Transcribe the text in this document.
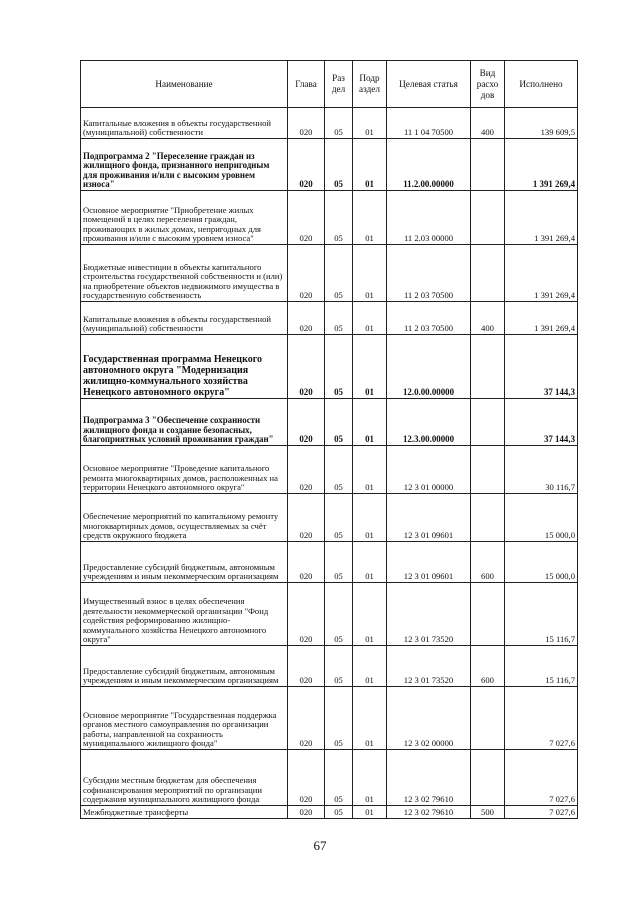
Наименование	Глава	Раз дел	Подр аздел	Целевая статья	Вид расхо дов	Исполнено
Капитальные вложения в объекты государственной (муниципальной) собственности	020	05	01	11 1 04 70500	400	139 609,5
Подпрограмма 2 "Переселение граждан из жилищного фонда, признанного непригодным для проживания и/или с высоким уровнем износа"	020	05	01	11.2.00.00000		1 391 269,4
Основное мероприятие "Приобретение жилых помещений в целях переселения граждан, проживающих в жилых домах, непригодных для проживания и/или с высоким уровнем износа"	020	05	01	11 2.03 00000		1 391 269,4
Бюджетные инвестиции в объекты капитального строительства государственной собственности и (или) на приобретение объектов недвижимого имущества в государственную собственность	020	05	01	11 2 03 70500		1 391 269,4
Капитальные вложения в объекты государственной (муниципальной) собственности	020	05	01	11 2 03 70500	400	1 391 269,4
Государственная программа Ненецкого автономного округа "Модернизация жилищно-коммунального хозяйства Ненецкого автономного округа"	020	05	01	12.0.00.00000		37 144,3
Подпрограмма 3 "Обеспечение сохранности жилищного фонда и создание безопасных, благоприятных условий проживания граждан"	020	05	01	12.3.00.00000		37 144,3
Основное мероприятие "Проведение капитального ремонта многоквартирных домов, расположенных на территории Ненецкого автономного округа"	020	05	01	12 3 01 00000		30 116,7
Обеспечение мероприятий по капитальному ремонту многоквартирных домов, осуществляемых за счёт средств окружного бюджета	020	05	01	12 3 01 09601		15 000,0
Предоставление субсидий бюджетным, автономным учреждениям и иным некоммерческим организациям	020	05	01	12 3 01 09601	600	15 000,0
Имущественный взнос в целях обеспечения деятельности некоммерческой организации "Фонд содействия реформированию жилищно-коммунального хозяйства Ненецкого автономного округа"	020	05	01	12 3 01 73520		15 116,7
Предоставление субсидий бюджетным, автономным учреждениям и иным некоммерческим организациям	020	05	01	12 3 01 73520	600	15 116,7
Основное мероприятие "Государственная поддержка органов местного самоуправления по организации работы, направленной на сохранность муниципального жилищного фонда"	020	05	01	12 3 02 00000		7 027,6
Субсидии местным бюджетам для обеспечения софинансирования мероприятий по организации содержания муниципального жилищного фонда	020	05	01	12 3 02 79610		7 027,6
Межбюджетные трансферты	020	05	01	12 3 02 79610	500	7 027,6
67
